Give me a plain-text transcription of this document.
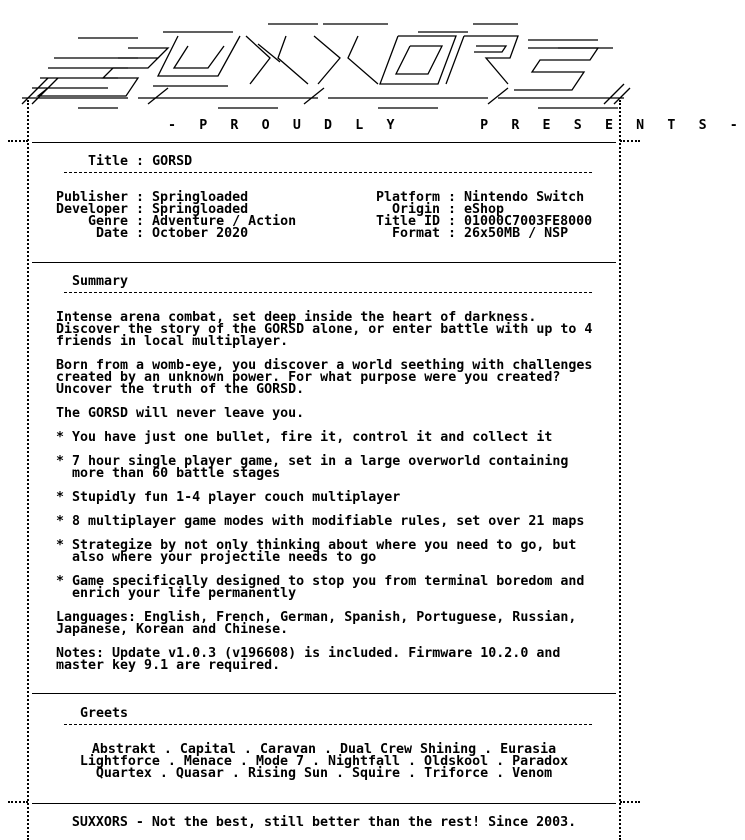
- P R O U D L Y     P R E S E N T S -
Title : GORSD
Publisher : Springloaded
Developer : Springloaded
Genre : Adventure / Action
Date : October 2020
Platform : Nintendo Switch
Origin : eShop
Title ID : 01000C7003FE8000
Format : 26x50MB / NSP
Summary
Intense arena combat, set deep inside the heart of darkness.
Discover the story of the GORSD alone, or enter battle with up to 4
friends in local multiplayer.
Born from a womb-eye, you discover a world seething with challenges
created by an unknown power. For what purpose were you created?
Uncover the truth of the GORSD.
The GORSD will never leave you.
* You have just one bullet, fire it, control it and collect it
* 7 hour single player game, set in a large overworld containing
more than 60 battle stages
* Stupidly fun 1-4 player couch multiplayer
* 8 multiplayer game modes with modifiable rules, set over 21 maps
* Strategize by not only thinking about where you need to go, but
also where your projectile needs to go
* Game specifically designed to stop you from terminal boredom and
enrich your life permanently
Languages: English, French, German, Spanish, Portuguese, Russian,
Japanese, Korean and Chinese.
Notes: Update v1.0.3 (v196608) is included. Firmware 10.2.0 and
master key 9.1 are required.
Greets
Abstrakt . Capital . Caravan . Dual Crew Shining . Eurasia
Lightforce . Menace . Mode 7 . Nightfall . Oldskool . Paradox
Quartex . Quasar . Rising Sun . Squire . Triforce . Venom
SUXXORS - Not the best, still better than the rest! Since 2003.
